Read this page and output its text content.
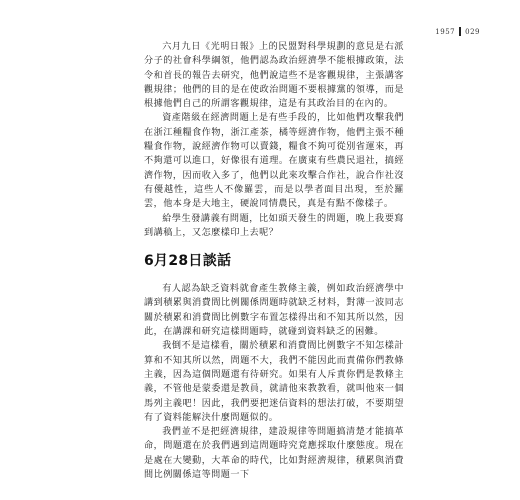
1957 029

六月九日《光明日報》上的民盟對科學規劃的意見是右派分子的社會科學綱領，他們認為政治經濟學不能根據政策，法令和首長的報告去研究，他們說這些不是客觀規律，主張講客觀規律；他們的目的是在使政治問題不要根據黨的領導，而是根據他們自己的所謂客觀規律，這是有其政治目的在內的。

資產階級在經濟問題上是有些手段的，比如他們攻擊我們在浙江種糧食作物，浙江產茶，橘等經濟作物，他們主張不種糧食作物，說經濟作物可以賣錢，糧食不夠可從別省運來，再不夠還可以進口，好像很有道理。在廣東有些農民退社，搞經濟作物，因而收入多了，他們以此來攻擊合作社，說合作社沒有優越性，這些人不像羅雲，而是以學者面目出現，至於羅雲，他本身是大地主，硬說同情農民，真是有點不像樣子。

給學生發講義有問題，比如頭天發生的問題，晚上我要寫到講稿上，又怎麼樣印上去呢？

6月28日談話

有人認為缺乏資料就會產生教條主義，例如政治經濟學中講到積累與消費間比例關係問題時就缺乏材料，對薄一波同志關於積累和消費間比例數字布置怎樣得出和不知其所以然，因此，在講課和研究這樣問題時，就碰到資料缺乏的困難。

我倒不是這樣看，關於積累和消費間比例數字不知怎樣計算和不知其所以然，問題不大，我們不能因此而責備你們教條主義，因為這個問題還有待研究。如果有人斥責你們是教條主義，不管他是蒙委還是教員，就請他來教教看，就叫他來一個馬列主義吧！因此，我們要把迷信資料的想法打破，不要期望有了資料能解決什麼問題似的。

我們並不是把經濟規律，建設規律等問題搞清楚才能搞革命，問題還在於我們遇到這問題時究竟應採取什麼態度。現在是處在大變動，大革命的時代，比如對經濟規律，積累與消費間比例關係這等問題一下
